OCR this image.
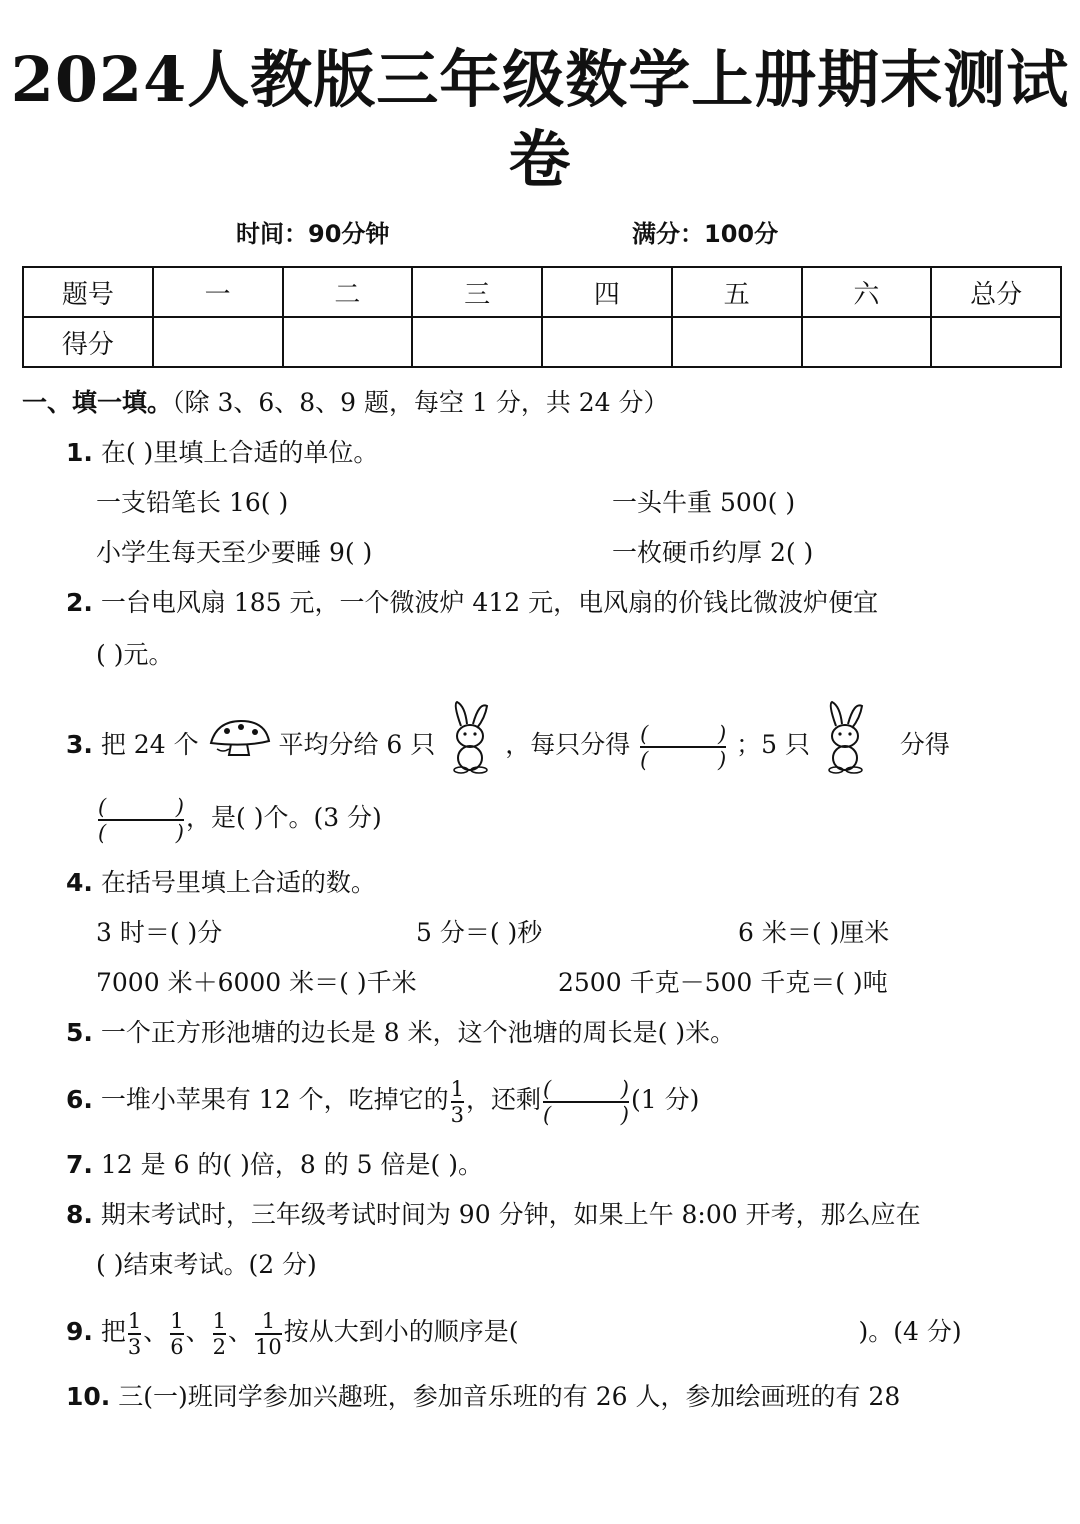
2024人教版三年级数学上册期末测试卷
时间：90分钟	满分：100分
题号	一	二	三	四	五	六	总分
得分							
一、填一填。（除 3、6、8、9 题，每空 1 分，共 24 分）
1. 在( )里填上合适的单位。
一支铅笔长 16( )	一头牛重 500( )
小学生每天至少要睡 9( )	一枚硬币约厚 2( )
2. 一台电风扇 185 元，一个微波炉 412 元，电风扇的价钱比微波炉便宜
( )元。
3. 把 24 个	平均分给 6 只	，每只分得 (	)
(	) ；5 只	分得
(	)
(	) ，是( )个。(3 分)
4. 在括号里填上合适的数。
3 时＝( )分	5 分＝( )秒	6 米＝( )厘米
7000 米＋6000 米＝( )千米	2500 千克－500 千克＝( )吨
5. 一个正方形池塘的边长是 8 米，这个池塘的周长是( )米。
6. 一堆小苹果有 12 个，吃掉它的 $\frac{1}{3}$ ，还剩 (	)
(	) (1 分)
7. 12 是 6 的( )倍，8 的 5 倍是( )。
8. 期末考试时，三年级考试时间为 90 分钟，如果上午 8:00 开考，那么应在
( )结束考试。(2 分)
9. 把 $\frac{1}{3}$ 、 $\frac{1}{6}$ 、 $\frac{1}{2}$ 、 $\frac{1}{10}$ 按从大到小的顺序是(	)。(4 分)
10. 三(一)班同学参加兴趣班，参加音乐班的有 26 人，参加绘画班的有 28
